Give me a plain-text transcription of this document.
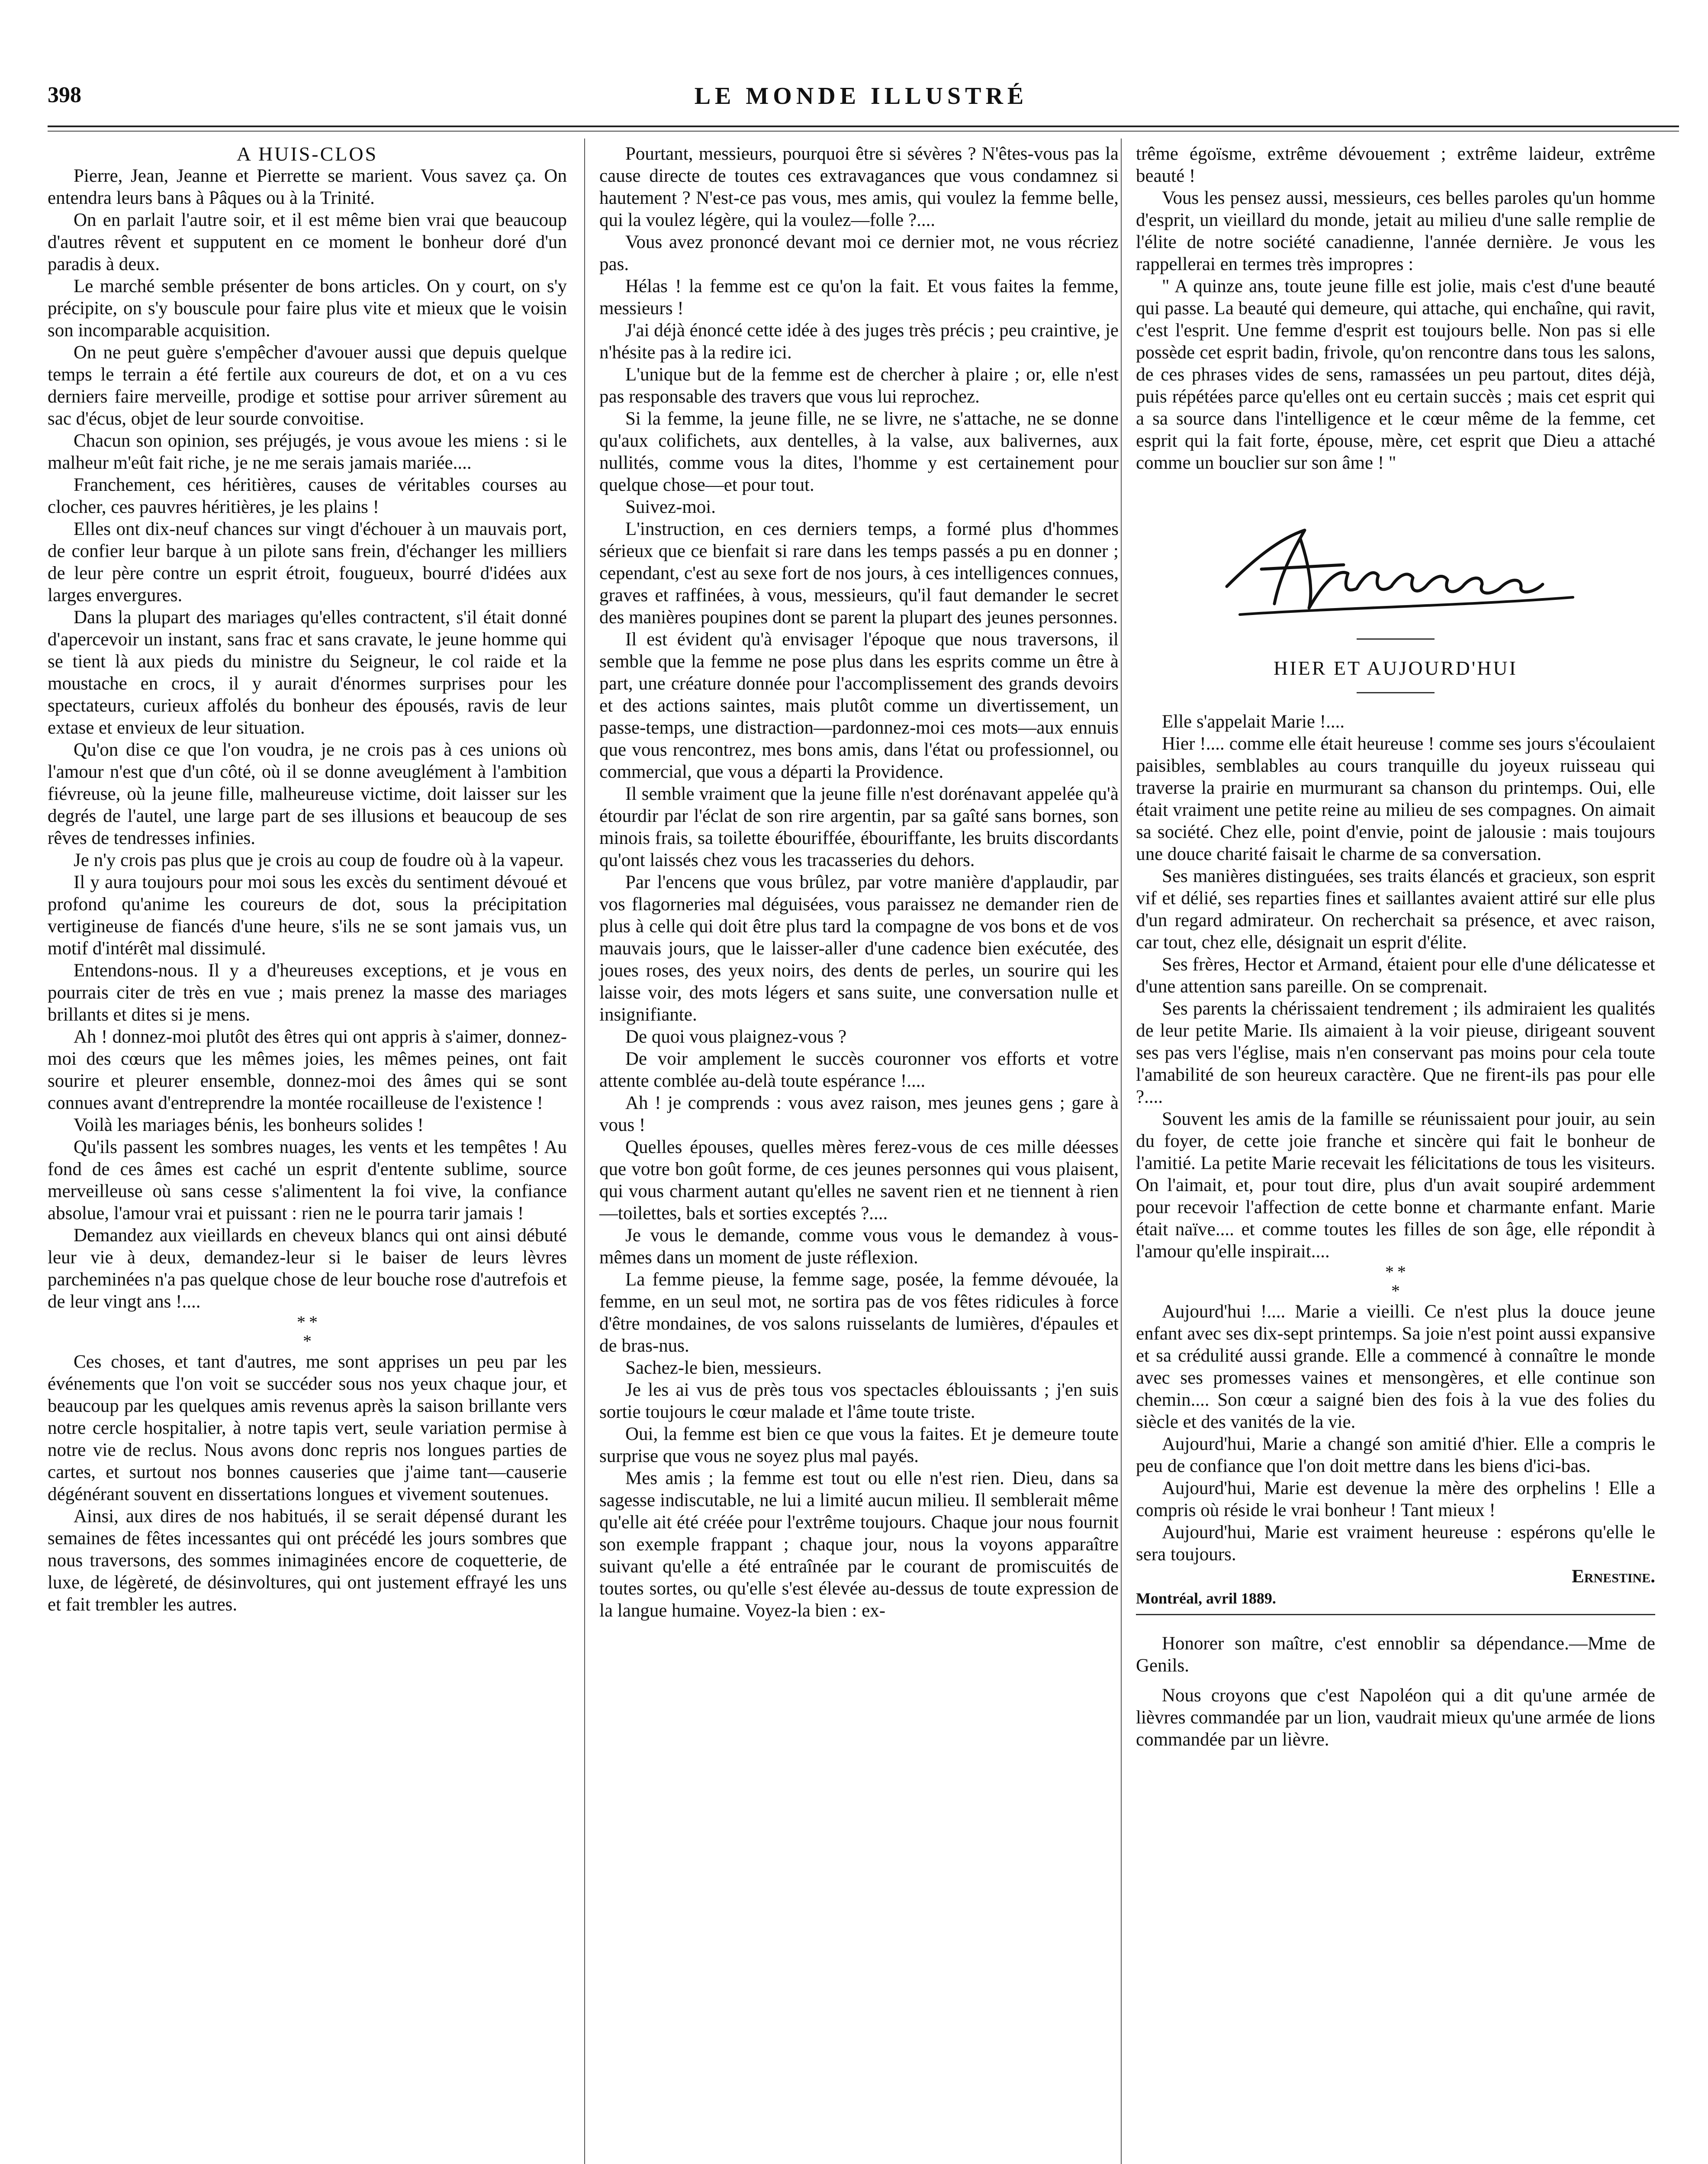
398	LE MONDE ILLUSTRÉ

A HUIS-CLOS

Pierre, Jean, Jeanne et Pierrette se marient. Vous savez ça. On entendra leurs bans à Pâques ou à la Trinité.

On en parlait l'autre soir, et il est même bien vrai que beaucoup d'autres rêvent et supputent en ce moment le bonheur doré d'un paradis à deux.

Le marché semble présenter de bons articles. On y court, on s'y précipite, on s'y bouscule pour faire plus vite et mieux que le voisin son incomparable acquisition.

On ne peut guère s'empêcher d'avouer aussi que depuis quelque temps le terrain a été fertile aux coureurs de dot, et on a vu ces derniers faire merveille, prodige et sottise pour arriver sûrement au sac d'écus, objet de leur sourde convoitise.

Chacun son opinion, ses préjugés, je vous avoue les miens : si le malheur m'eût fait riche, je ne me serais jamais mariée....

Franchement, ces héritières, causes de véritables courses au clocher, ces pauvres héritières, je les plains !

Elles ont dix-neuf chances sur vingt d'échouer à un mauvais port, de confier leur barque à un pilote sans frein, d'échanger les milliers de leur père contre un esprit étroit, fougueux, bourré d'idées aux larges envergures.

Dans la plupart des mariages qu'elles contractent, s'il était donné d'apercevoir un instant, sans frac et sans cravate, le jeune homme qui se tient là aux pieds du ministre du Seigneur, le col raide et la moustache en crocs, il y aurait d'énormes surprises pour les spectateurs, curieux affolés du bonheur des épousés, ravis de leur extase et envieux de leur situation.

Qu'on dise ce que l'on voudra, je ne crois pas à ces unions où l'amour n'est que d'un côté, où il se donne aveuglément à l'ambition fiévreuse, où la jeune fille, malheureuse victime, doit laisser sur les degrés de l'autel, une large part de ses illusions et beaucoup de ses rêves de tendresses infinies.

Je n'y crois pas plus que je crois au coup de foudre où à la vapeur.

Il y aura toujours pour moi sous les excès du sentiment dévoué et profond qu'anime les coureurs de dot, sous la précipitation vertigineuse de fiancés d'une heure, s'ils ne se sont jamais vus, un motif d'intérêt mal dissimulé.

Entendons-nous. Il y a d'heureuses exceptions, et je vous en pourrais citer de très en vue ; mais prenez la masse des mariages brillants et dites si je mens.

Ah ! donnez-moi plutôt des êtres qui ont appris à s'aimer, donnez-moi des cœurs que les mêmes joies, les mêmes peines, ont fait sourire et pleurer ensemble, donnez-moi des âmes qui se sont connues avant d'entreprendre la montée rocailleuse de l'existence !

Voilà les mariages bénis, les bonheurs solides !

Qu'ils passent les sombres nuages, les vents et les tempêtes ! Au fond de ces âmes est caché un esprit d'entente sublime, source merveilleuse où sans cesse s'alimentent la foi vive, la confiance absolue, l'amour vrai et puissant : rien ne le pourra tarir jamais !

Demandez aux vieillards en cheveux blancs qui ont ainsi débuté leur vie à deux, demandez-leur si le baiser de leurs lèvres parcheminées n'a pas quelque chose de leur bouche rose d'autrefois et de leur vingt ans !....

* *
*

Ces choses, et tant d'autres, me sont apprises un peu par les événements que l'on voit se succéder sous nos yeux chaque jour, et beaucoup par les quelques amis revenus après la saison brillante vers notre cercle hospitalier, à notre tapis vert, seule variation permise à notre vie de reclus. Nous avons donc repris nos longues parties de cartes, et surtout nos bonnes causeries que j'aime tant—causerie dégénérant souvent en dissertations longues et vivement soutenues.

Ainsi, aux dires de nos habitués, il se serait dépensé durant les semaines de fêtes incessantes qui ont précédé les jours sombres que nous traversons, des sommes inimaginées encore de coquetterie, de luxe, de légèreté, de désinvoltures, qui ont justement effrayé les uns et fait trembler les autres.

Pourtant, messieurs, pourquoi être si sévères ? N'êtes-vous pas la cause directe de toutes ces extravagances que vous condamnez si hautement ? N'est-ce pas vous, mes amis, qui voulez la femme belle, qui la voulez légère, qui la voulez—folle ?....

Vous avez prononcé devant moi ce dernier mot, ne vous récriez pas.

Hélas ! la femme est ce qu'on la fait. Et vous faites la femme, messieurs !

J'ai déjà énoncé cette idée à des juges très précis ; peu craintive, je n'hésite pas à la redire ici.

L'unique but de la femme est de chercher à plaire ; or, elle n'est pas responsable des travers que vous lui reprochez.

Si la femme, la jeune fille, ne se livre, ne s'attache, ne se donne qu'aux colifichets, aux dentelles, à la valse, aux balivernes, aux nullités, comme vous la dites, l'homme y est certainement pour quelque chose—et pour tout.

Suivez-moi.

L'instruction, en ces derniers temps, a formé plus d'hommes sérieux que ce bienfait si rare dans les temps passés a pu en donner ; cependant, c'est au sexe fort de nos jours, à ces intelligences connues, graves et raffinées, à vous, messieurs, qu'il faut demander le secret des manières poupines dont se parent la plupart des jeunes personnes.

Il est évident qu'à envisager l'époque que nous traversons, il semble que la femme ne pose plus dans les esprits comme un être à part, une créature donnée pour l'accomplissement des grands devoirs et des actions saintes, mais plutôt comme un divertissement, un passe-temps, une distraction—pardonnez-moi ces mots—aux ennuis que vous rencontrez, mes bons amis, dans l'état ou professionnel, ou commercial, que vous a départi la Providence.

Il semble vraiment que la jeune fille n'est dorénavant appelée qu'à étourdir par l'éclat de son rire argentin, par sa gaîté sans bornes, son minois frais, sa toilette ébouriffée, ébouriffante, les bruits discordants qu'ont laissés chez vous les tracasseries du dehors.

Par l'encens que vous brûlez, par votre manière d'applaudir, par vos flagorneries mal déguisées, vous paraissez ne demander rien de plus à celle qui doit être plus tard la compagne de vos bons et de vos mauvais jours, que le laisser-aller d'une cadence bien exécutée, des joues roses, des yeux noirs, des dents de perles, un sourire qui les laisse voir, des mots légers et sans suite, une conversation nulle et insignifiante.

De quoi vous plaignez-vous ?

De voir amplement le succès couronner vos efforts et votre attente comblée au-delà toute espérance !....

Ah ! je comprends : vous avez raison, mes jeunes gens ; gare à vous !

Quelles épouses, quelles mères ferez-vous de ces mille déesses que votre bon goût forme, de ces jeunes personnes qui vous plaisent, qui vous charment autant qu'elles ne savent rien et ne tiennent à rien—toilettes, bals et sorties exceptés ?....

Je vous le demande, comme vous vous le demandez à vous-mêmes dans un moment de juste réflexion.

La femme pieuse, la femme sage, posée, la femme dévouée, la femme, en un seul mot, ne sortira pas de vos fêtes ridicules à force d'être mondaines, de vos salons ruisselants de lumières, d'épaules et de bras-nus.

Sachez-le bien, messieurs.

Je les ai vus de près tous vos spectacles éblouissants ; j'en suis sortie toujours le cœur malade et l'âme toute triste.

Oui, la femme est bien ce que vous la faites. Et je demeure toute surprise que vous ne soyez plus mal payés.

Mes amis ; la femme est tout ou elle n'est rien. Dieu, dans sa sagesse indiscutable, ne lui a limité aucun milieu. Il semblerait même qu'elle ait été créée pour l'extrême toujours. Chaque jour nous fournit son exemple frappant ; chaque jour, nous la voyons apparaître suivant qu'elle a été entraînée par le courant de promiscuités de toutes sortes, ou qu'elle s'est élevée au-dessus de toute expression de la langue humaine. Voyez-la bien : ex-

trême égoïsme, extrême dévouement ; extrême laideur, extrême beauté !

Vous les pensez aussi, messieurs, ces belles paroles qu'un homme d'esprit, un vieillard du monde, jetait au milieu d'une salle remplie de l'élite de notre société canadienne, l'année dernière. Je vous les rappellerai en termes très impropres :

" A quinze ans, toute jeune fille est jolie, mais c'est d'une beauté qui passe. La beauté qui demeure, qui attache, qui enchaîne, qui ravit, c'est l'esprit. Une femme d'esprit est toujours belle. Non pas si elle possède cet esprit badin, frivole, qu'on rencontre dans tous les salons, de ces phrases vides de sens, ramassées un peu partout, dites déjà, puis répétées parce qu'elles ont eu certain succès ; mais cet esprit qui a sa source dans l'intelligence et le cœur même de la femme, cet esprit qui la fait forte, épouse, mère, cet esprit que Dieu a attaché comme un bouclier sur son âme ! "

HIER ET AUJOURD'HUI

Elle s'appelait Marie !....

Hier !.... comme elle était heureuse ! comme ses jours s'écoulaient paisibles, semblables au cours tranquille du joyeux ruisseau qui traverse la prairie en murmurant sa chanson du printemps. Oui, elle était vraiment une petite reine au milieu de ses compagnes. On aimait sa société. Chez elle, point d'envie, point de jalousie : mais toujours une douce charité faisait le charme de sa conversation.

Ses manières distinguées, ses traits élancés et gracieux, son esprit vif et délié, ses reparties fines et saillantes avaient attiré sur elle plus d'un regard admirateur. On recherchait sa présence, et avec raison, car tout, chez elle, désignait un esprit d'élite.

Ses frères, Hector et Armand, étaient pour elle d'une délicatesse et d'une attention sans pareille. On se comprenait.

Ses parents la chérissaient tendrement ; ils admiraient les qualités de leur petite Marie. Ils aimaient à la voir pieuse, dirigeant souvent ses pas vers l'église, mais n'en conservant pas moins pour cela toute l'amabilité de son heureux caractère. Que ne firent-ils pas pour elle ?....

Souvent les amis de la famille se réunissaient pour jouir, au sein du foyer, de cette joie franche et sincère qui fait le bonheur de l'amitié. La petite Marie recevait les félicitations de tous les visiteurs. On l'aimait, et, pour tout dire, plus d'un avait soupiré ardemment pour recevoir l'affection de cette bonne et charmante enfant. Marie était naïve.... et comme toutes les filles de son âge, elle répondit à l'amour qu'elle inspirait....

* *
*

Aujourd'hui !.... Marie a vieilli. Ce n'est plus la douce jeune enfant avec ses dix-sept printemps. Sa joie n'est point aussi expansive et sa crédulité aussi grande. Elle a commencé à connaître le monde avec ses promesses vaines et mensongères, et elle continue son chemin.... Son cœur a saigné bien des fois à la vue des folies du siècle et des vanités de la vie.

Aujourd'hui, Marie a changé son amitié d'hier. Elle a compris le peu de confiance que l'on doit mettre dans les biens d'ici-bas.

Aujourd'hui, Marie est devenue la mère des orphelins ! Elle a compris où réside le vrai bonheur ! Tant mieux !

Aujourd'hui, Marie est vraiment heureuse : espérons qu'elle le sera toujours.

Ernestine.

Montréal, avril 1889.

Honorer son maître, c'est ennoblir sa dépendance.—Mme de Genils.

Nous croyons que c'est Napoléon qui a dit qu'une armée de lièvres commandée par un lion, vaudrait mieux qu'une armée de lions commandée par un lièvre.
